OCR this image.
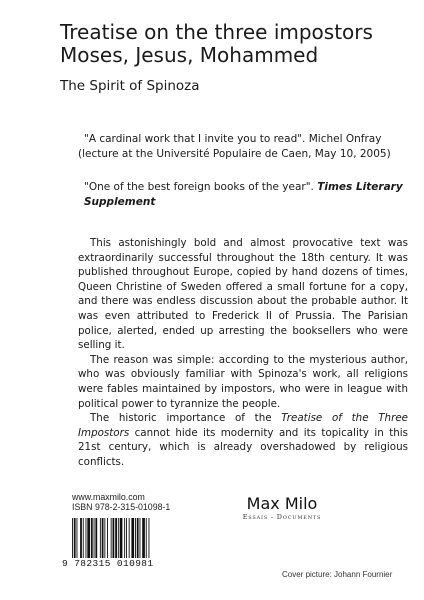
Treatise on the three impostors
Moses, Jesus, Mohammed
The Spirit of Spinoza
"A cardinal work that I invite you to read". Michel Onfray
(lecture at the Université Populaire de Caen, May 10, 2005)
"One of the best foreign books of the year". Times Literary Supplement

This astonishingly bold and almost provocative text was extraordinarily successful throughout the 18th century. It was published throughout Europe, copied by hand dozens of times, Queen Christine of Sweden offered a small fortune for a copy, and there was endless discussion about the probable author. It was even attributed to Frederick II of Prussia. The Parisian police, alerted, ended up arresting the booksellers who were selling it.

The reason was simple: according to the mysterious author, who was obviously familiar with Spinoza's work, all religions were fables maintained by impostors, who were in league with political power to tyrannize the people.

The historic importance of the Treatise of the Three Impostors cannot hide its modernity and its topicality in this 21st century, which is already overshadowed by religious conflicts.

www.maxmilo.com
ISBN 978-2-315-01098-1
9 782315 010981
Max Milo
Essais - Documents
Cover picture: Johann Fournier
